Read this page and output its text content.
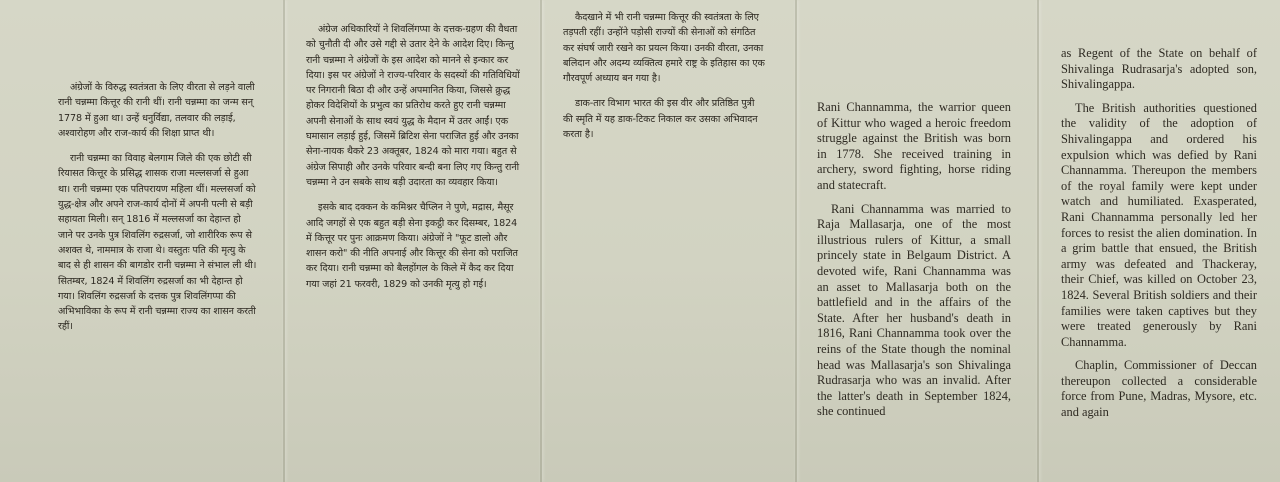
अंग्रेजों के विरुद्ध स्वतंत्रता के लिए वीरता से लड़ने वाली रानी चन्नम्मा कित्तूर की रानी थीं। रानी चन्नम्मा का जन्म सन् 1778 में हुआ था। उन्हें धनुर्विद्या, तलवार की लड़ाई, अश्वारोहण और राज-कार्य की शिक्षा प्राप्त थी।

रानी चन्नम्मा का विवाह बेलगाम जिले की एक छोटी सी रियासत कित्तूर के प्रसिद्ध शासक राजा मल्लसर्जा से हुआ था। रानी चन्नम्मा एक पतिपरायण महिला थीं। मल्लसर्जा को युद्ध-क्षेत्र और अपने राज-कार्य दोनों में अपनी पत्नी से बड़ी सहायता मिली। सन् 1816 में मल्लसर्जा का देहान्त हो जाने पर उनके पुत्र शिवलिंग रुद्रसर्जा, जो शारीरिक रूप से अशक्त थे, नाममात्र के राजा थे। वस्तुतः पति की मृत्यु के बाद से ही शासन की बागडोर रानी चन्नम्मा ने संभाल ली थी। सितम्बर, 1824 में शिवलिंग रुद्रसर्जा का भी देहान्त हो गया। शिवलिंग रुद्रसर्जा के दत्तक पुत्र शिवलिंगप्पा की अभिभाविका के रूप में रानी चन्नम्मा राज्य का शासन करती रहीं।

अंग्रेज अधिकारियों ने शिवलिंगप्पा के दत्तक-ग्रहण की वैधता को चुनौती दी और उसे गद्दी से उतार देने के आदेश दिए। किन्तु रानी चन्नम्मा ने अंग्रेजों के इस आदेश को मानने से इन्कार कर दिया। इस पर अंग्रेजों ने राज्य-परिवार के सदस्यों की गतिविधियों पर निगरानी बिठा दी और उन्हें अपमानित किया, जिससे क्रुद्ध होकर विदेशियों के प्रभुत्व का प्रतिरोध करते हुए रानी चन्नम्मा अपनी सेनाओं के साथ स्वयं युद्ध के मैदान में उतर आईं। एक घमासान लड़ाई हुई, जिसमें ब्रिटिश सेना पराजित हुई और उनका सेना-नायक थैकरे 23 अक्तूबर, 1824 को मारा गया। बहुत से अंग्रेज सिपाही और उनके परिवार बन्दी बना लिए गए किन्तु रानी चन्नम्मा ने उन सबके साथ बड़ी उदारता का व्यवहार किया।

इसके बाद दक्कन के कमिश्नर चैप्लिन ने पुणे, मद्रास, मैसूर आदि जगहों से एक बहुत बड़ी सेना इकट्ठी कर दिसम्बर, 1824 में कित्तूर पर पुनः आक्रमण किया। अंग्रेजों ने "फूट डालो और शासन करो" की नीति अपनाई और कित्तूर की सेना को पराजित कर दिया। रानी चन्नम्मा को बैलहोंगल के किले में कैद कर दिया गया जहां 21 फरवरी, 1829 को उनकी मृत्यु हो गई।

कैदखाने में भी रानी चन्नम्मा कित्तूर की स्वतंत्रता के लिए तड़पती रहीं। उन्होंने पड़ोसी राज्यों की सेनाओं को संगठित कर संघर्ष जारी रखने का प्रयत्न किया। उनकी वीरता, उनका बलिदान और अदम्य व्यक्तित्व हमारे राष्ट्र के इतिहास का एक गौरवपूर्ण अध्याय बन गया है।

डाक-तार विभाग भारत की इस वीर और प्रतिष्ठित पुत्री की स्मृति में यह डाक-टिकट निकाल कर उसका अभिवादन करता है।

Rani Channamma, the warrior queen of Kittur who waged a heroic freedom struggle against the British was born in 1778. She received training in archery, sword fighting, horse riding and statecraft.

Rani Channamma was married to Raja Mallasarja, one of the most illustrious rulers of Kittur, a small princely state in Belgaum District. A devoted wife, Rani Channamma was an asset to Mallasarja both on the battlefield and in the affairs of the State. After her husband's death in 1816, Rani Channamma took over the reins of the State though the nominal head was Mallasarja's son Shivalinga Rudrasarja who was an invalid. After the latter's death in September 1824, she continued

as Regent of the State on behalf of Shivalinga Rudrasarja's adopted son, Shivalingappa.

The British authorities questioned the validity of the adoption of Shivalingappa and ordered his expulsion which was defied by Rani Channamma. Thereupon the members of the royal family were kept under watch and humiliated. Exasperated, Rani Channamma personally led her forces to resist the alien domination. In a grim battle that ensued, the British army was defeated and Thackeray, their Chief, was killed on October 23, 1824. Several British soldiers and their families were taken captives but they were treated generously by Rani Channamma.

Chaplin, Commissioner of Deccan thereupon collected a considerable force from Pune, Madras, Mysore, etc. and again
